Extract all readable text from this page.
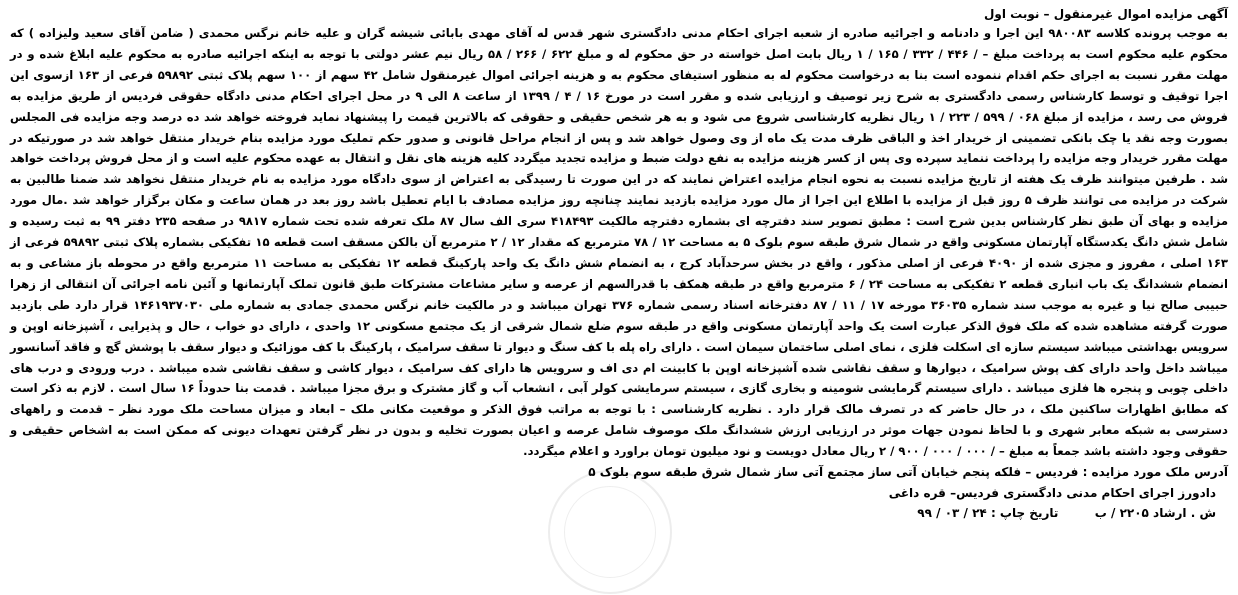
آگهی مزایده اموال غیرمنقول – نوبت اول
به موجب پرونده کلاسه ۹۸۰۰۸۳ این اجرا و دادنامه و اجرائیه صادره از شعبه اجرای احکام مدنی دادگستری شهر قدس له آقای مهدی بابائی شیشه گران و علیه خانم نرگس محمدی ( ضامن آقای سعید ولیزاده ) که محکوم علیه محکوم است به پرداخت مبلغ – / ۴۴۶ / ۳۳۲ / ۱۶۵ / ۱ ریال بابت اصل خواسته در حق محکوم له و مبلغ ۶۲۲ / ۲۶۶ / ۵۸ ریال نیم عشر دولتی با توجه به اینکه اجرائیه صادره به محکوم علیه ابلاغ شده و در مهلت مقرر نسبت به اجرای حکم اقدام ننموده است بنا به درخواست محکوم له به منظور استیفای محکوم به و هزینه اجرائی اموال غیرمنقول شامل ۴۲ سهم از ۱۰۰ سهم پلاک ثبتی ۵۹۸۹۲ فرعی از ۱۶۳ ازسوی این اجرا توقیف و توسط کارشناس رسمی دادگستری به شرح زیر توصیف و ارزیابی شده و مقرر است در مورخ ۱۶ / ۴ / ۱۳۹۹ از ساعت ۸ الی ۹ در محل اجرای احکام مدنی دادگاه حقوقی فردیس از طریق مزایده به فروش می رسد ، مزایده از مبلغ ۰۶۸ / ۵۹۹ / ۲۲۳ / ۱ ریال نظریه کارشناسی شروع می شود و به هر شخص حقیقی و حقوقی که بالاترین قیمت را پیشنهاد نماید فروخته خواهد شد ده درصد وجه مزایده فی المجلس بصورت وجه نقد یا چک بانکی تضمینی از خریدار اخذ و الباقی ظرف مدت یک ماه از وی وصول خواهد شد و پس از انجام مراحل قانونی و صدور حکم تملیک مورد مزایده بنام خریدار منتقل خواهد شد در صورتیکه در مهلت مقرر خریدار وجه مزایده را پرداخت ننماید سپرده وی پس از کسر هزینه مزایده به نفع دولت ضبط و مزایده تجدید میگردد کلیه هزینه های نقل و انتقال به عهده محکوم علیه است و از محل فروش پرداخت خواهد شد . طرفین میتوانند ظرف یک هفته از تاریخ مزایده نسبت به نحوه انجام مزایده اعتراض نمایند که در این صورت تا رسیدگی به اعتراض از سوی دادگاه مورد مزایده به نام خریدار منتقل نخواهد شد ضمنا طالبین به شرکت در مزایده می توانند ظرف ۵ روز قبل از مزایده با اطلاع این اجرا از مال مورد مزایده بازدید نمایند چنانچه روز مزایده مصادف با ایام تعطیل باشد روز بعد در همان ساعت و مکان برگزار خواهد شد .مال مورد مزایده و بهای آن طبق نظر کارشناس بدین شرح است : مطبق تصویر سند دفترچه ای بشماره دفترچه مالکیت ۴۱۸۴۹۳ سری الف سال ۸۷ ملک تعرفه شده تحت شماره ۹۸۱۷ در صفحه ۲۳۵ دفتر ۹۹ به ثبت رسیده و شامل شش دانگ یکدستگاه آپارتمان مسکونی واقع در شمال شرق طبقه سوم بلوک ۵ به مساحت ۱۲ / ۷۸ مترمربع که مقدار ۱۲ / ۲ مترمربع آن بالکن مسقف است قطعه ۱۵ تفکیکی بشماره پلاک ثبتی ۵۹۸۹۲ فرعی از ۱۶۳ اصلی ، مفروز و مجزی شده از ۴۰۹۰ فرعی از اصلی مذکور ، واقع در بخش سرحدآباد کرج ، به انضمام شش دانگ یک واحد پارکینگ قطعه ۱۲ تفکیکی به مساحت ۱۱ مترمربع واقع در محوطه باز مشاعی و به انضمام ششدانگ یک باب انباری قطعه ۲ تفکیکی به مساحت ۲۴ / ۶ مترمربع واقع در طبقه همکف با قدرالسهم از عرصه و سایر مشاعات مشترکات طبق قانون تملک آپارتمانها و آئین نامه اجرائی آن انتقالی از زهرا حبیبی صالح نیا و غیره به موجب سند شماره ۳۶۰۳۵ مورخه ۱۷ / ۱۱ / ۸۷ دفترخانه اسناد رسمی شماره ۳۷۶ تهران میباشد و در مالکیت خانم نرگس محمدی جمادی به شماره ملی ۱۴۶۱۹۳۷۰۳۰ قرار دارد طی بازدید صورت گرفته مشاهده شده که ملک فوق الذکر عبارت است یک واحد آپارتمان مسکونی واقع در طبقه سوم ضلع شمال شرقی از یک مجتمع مسکونی ۱۲ واحدی ، دارای دو خواب ، حال و پذیرایی ، آشپزخانه اوپن و سرویس بهداشتی میباشد سیستم سازه ای اسکلت فلزی ، نمای اصلی ساختمان سیمان است . دارای راه پله با کف سنگ و دیوار تا سقف سرامیک ، پارکینگ با کف موزائیک و دیوار سقف با پوشش گچ و فاقد آسانسور میباشد داخل واحد دارای کف پوش سرامیک ، دیوارها و سقف نقاشی شده آشپزخانه اوپن با کابینت ام دی اف و سرویس ها دارای کف سرامیک ، دیوار کاشی و سقف نقاشی شده میباشد . درب ورودی و درب های داخلی چوبی و پنجره ها فلزی میباشد . دارای سیستم گرمایشی شومینه و بخاری گازی ، سیستم سرمایشی کولر آبی ، انشعاب آب و گاز مشترک و برق مجزا میباشد . قدمت بنا حدوداً ۱۶ سال است . لازم به ذکر است که مطابق اظهارات ساکنین ملک ، در حال حاضر که در تصرف مالک قرار دارد . نظریه کارشناسی : با توجه به مراتب فوق الذکر و موقعیت مکانی ملک – ابعاد و میزان مساحت ملک مورد نظر – قدمت و راههای دسترسی به شبکه معابر شهری و با لحاظ نمودن جهات موثر در ارزیابی ارزش ششدانگ ملک موصوف شامل عرصه و اعیان بصورت تخلیه و بدون در نظر گرفتن تعهدات دیونی که ممکن است به اشخاص حقیقی و حقوقی وجود داشته باشد جمعاً به مبلغ – / ۰۰۰ / ۰۰۰ / ۹۰۰ / ۲ ریال معادل دویست و نود میلیون تومان براورد و اعلام میگردد.
آدرس ملک مورد مزایده : فردیس – فلکه پنجم خیابان آتی ساز مجتمع آتی ساز شمال شرق طبقه سوم بلوک ۵
دادورز اجرای احکام مدنی دادگستری فردیس– قره داغی
ش . ارشاد ۲۲۰۵ / ب  تاریخ چاپ : ۲۴ / ۰۳ / ۹۹
